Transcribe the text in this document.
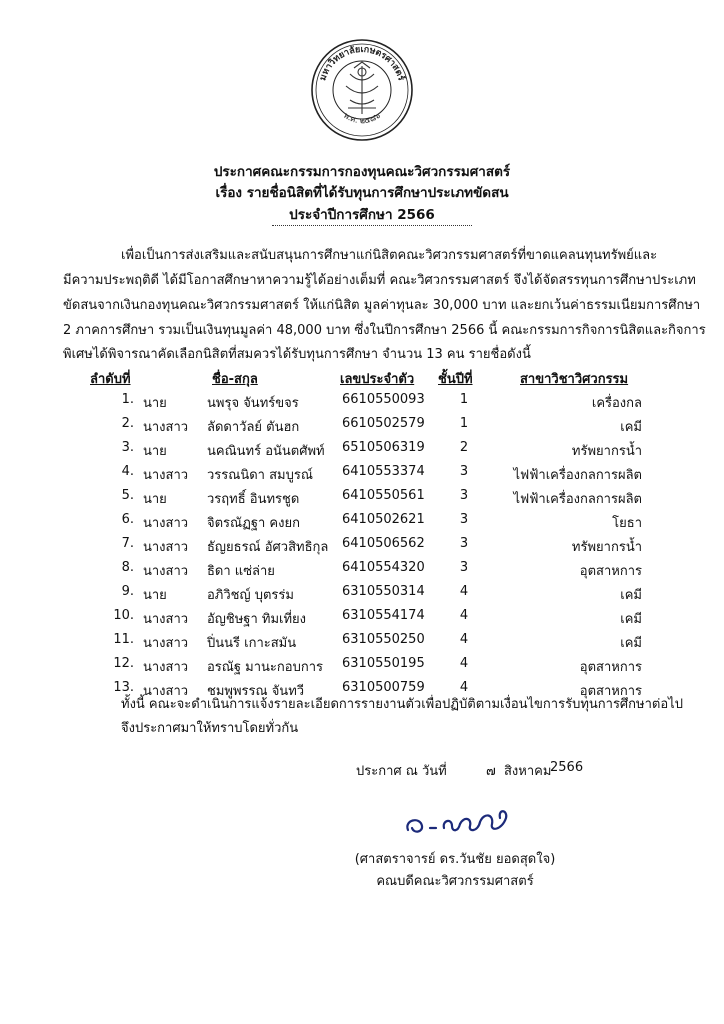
มหาวิทยาลัยเกษตรศาสตร์
พ.ศ. ๒๔๘๖
ประกาศคณะกรรมการกองทุนคณะวิศวกรรมศาสตร์
เรื่อง รายชื่อนิสิตที่ได้รับทุนการศึกษาประเภทขัดสน
ประจำปีการศึกษา 2566
เพื่อเป็นการส่งเสริมและสนับสนุนการศึกษาแก่นิสิตคณะวิศวกรรมศาสตร์ที่ขาดแคลนทุนทรัพย์และ
มีความประพฤติดี ได้มีโอกาสศึกษาหาความรู้ได้อย่างเต็มที่ คณะวิศวกรรมศาสตร์ จึงได้จัดสรรทุนการศึกษาประเภท
ขัดสนจากเงินกองทุนคณะวิศวกรรมศาสตร์ ให้แก่นิสิต มูลค่าทุนละ 30,000 บาท และยกเว้นค่าธรรมเนียมการศึกษา
2 ภาคการศึกษา รวมเป็นเงินทุนมูลค่า 48,000 บาท ซึ่งในปีการศึกษา 2566 นี้ คณะกรรมการกิจการนิสิตและกิจการ
พิเศษได้พิจารณาคัดเลือกนิสิตที่สมควรได้รับทุนการศึกษา จำนวน 13 คน รายชื่อดังนี้
ลำดับที่	ชื่อ-สกุล	เลขประจำตัว ชั้นปีที่	สาขาวิชาวิศวกรรม
1. นาย	นพรุจ จันทร์ขจร	6610550093	1	เครื่องกล
2. นางสาว ลัดดาวัลย์ ตันฮก	6610502579	1	เคมี
3. นาย	นคณินทร์ อนันตศัพท์ 6510506319	2	ทรัพยากรน้ำ
4. นางสาว วรรณนิดา สมบูรณ์ 6410553374	3	ไฟฟ้าเครื่องกลการผลิต
5. นาย	วรฤทธิ์ อินทรชูด	6410550561	3	ไฟฟ้าเครื่องกลการผลิต
6. นางสาว จิตรณัฏฐา คงยก	6410502621	3	โยธา
7. นางสาว ธัญยธรณ์ อัศวสิทธิกุล 6410506562	3	ทรัพยากรน้ำ
8. นางสาว ธิดา แซ่ล่าย	6410554320	3	อุตสาหการ
9. นาย	อภิวิชญ์ บุตรร่ม	6310550314	4	เคมี
10. นางสาว อัญชิษฐา ทิมเที่ยง	6310554174	4	เคมี
11. นางสาว ปิ่นนรี เกาะสมัน	6310550250	4	เคมี
12. นางสาว อรณัฐ มานะกอบการ 6310550195	4	อุตสาหการ
13. นางสาว ชมพูพรรณ จันทวี	6310500759	4	อุตสาหการ
ทั้งนี้ คณะจะดำเนินการแจ้งรายละเอียดการรายงานตัวเพื่อปฏิบัติตามเงื่อนไขการรับทุนการศึกษาต่อไป
จึงประกาศมาให้ทราบโดยทั่วกัน
ประกาศ ณ วันที่	๗ สิงหาคม
2566
(ศาสตราจารย์ ดร.วันชัย ยอดสุดใจ)
คณบดีคณะวิศวกรรมศาสตร์
